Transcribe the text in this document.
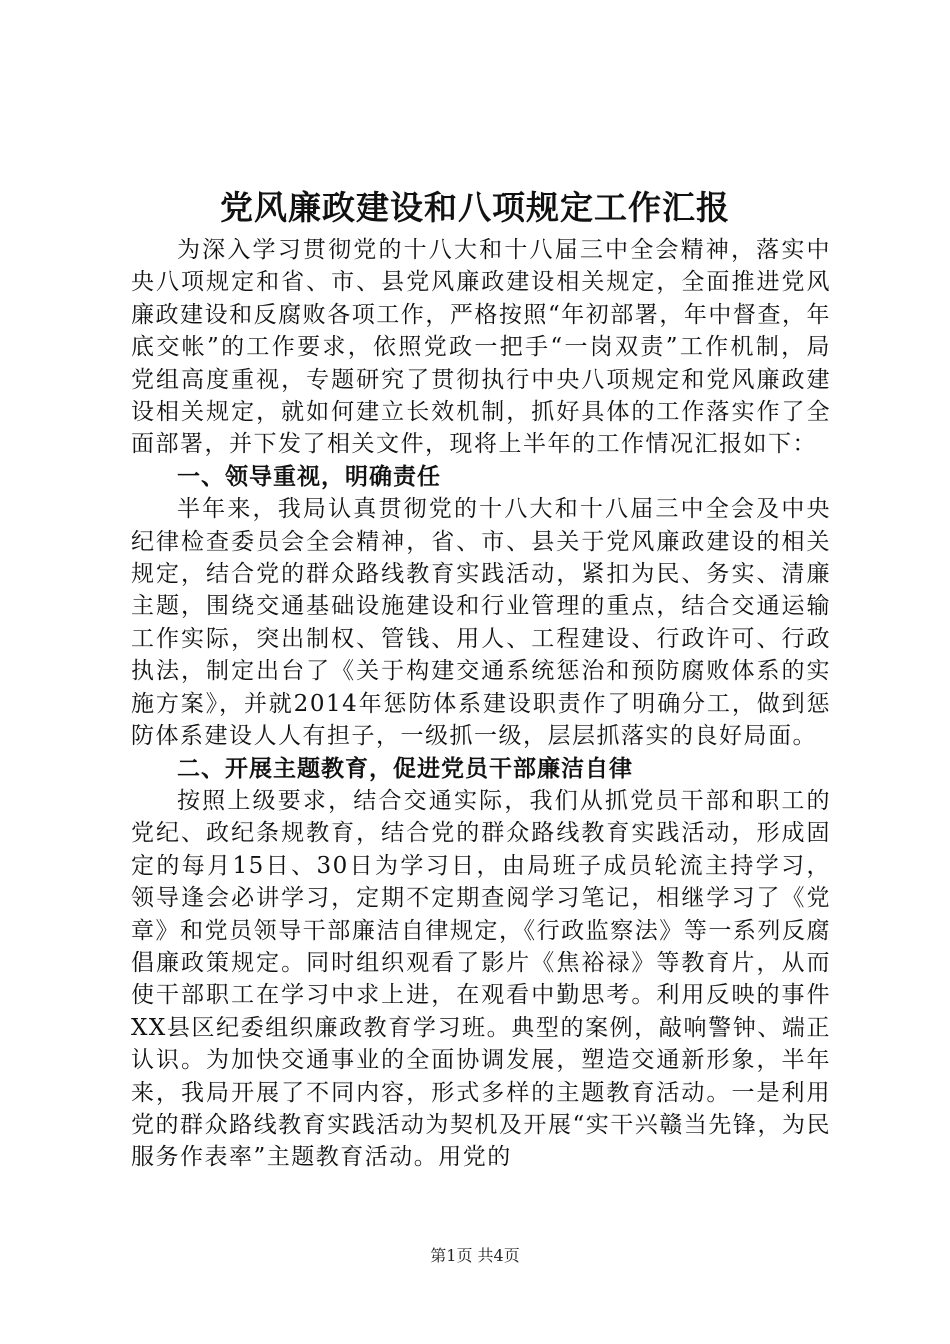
党风廉政建设和八项规定工作汇报

为深入学习贯彻党的十八大和十八届三中全会精神，落实中央八项规定和省、市、县党风廉政建设相关规定，全面推进党风廉政建设和反腐败各项工作，严格按照“年初部署，年中督查，年底交帐”的工作要求，依照党政一把手“一岗双责”工作机制，局党组高度重视，专题研究了贯彻执行中央八项规定和党风廉政建设相关规定，就如何建立长效机制，抓好具体的工作落实作了全面部署，并下发了相关文件，现将上半年的工作情况汇报如下：

一、领导重视，明确责任

半年来，我局认真贯彻党的十八大和十八届三中全会及中央纪律检查委员会全会精神，省、市、县关于党风廉政建设的相关规定，结合党的群众路线教育实践活动，紧扣为民、务实、清廉主题，围绕交通基础设施建设和行业管理的重点，结合交通运输工作实际，突出制权、管钱、用人、工程建设、行政许可、行政执法，制定出台了《关于构建交通系统惩治和预防腐败体系的实施方案》，并就2014年惩防体系建设职责作了明确分工，做到惩防体系建设人人有担子，一级抓一级，层层抓落实的良好局面。

二、开展主题教育，促进党员干部廉洁自律

按照上级要求，结合交通实际，我们从抓党员干部和职工的党纪、政纪条规教育，结合党的群众路线教育实践活动，形成固定的每月15日、30日为学习日，由局班子成员轮流主持学习，领导逢会必讲学习，定期不定期查阅学习笔记，相继学习了《党章》和党员领导干部廉洁自律规定，《行政监察法》等一系列反腐倡廉政策规定。同时组织观看了影片《焦裕禄》等教育片，从而使干部职工在学习中求上进，在观看中勤思考。利用反映的事件XX县区纪委组织廉政教育学习班。典型的案例，敲响警钟、端正认识。为加快交通事业的全面协调发展，塑造交通新形象，半年来，我局开展了不同内容，形式多样的主题教育活动。一是利用党的群众路线教育实践活动为契机及开展“实干兴赣当先锋，为民服务作表率”主题教育活动。用党的

第1页 共4页
